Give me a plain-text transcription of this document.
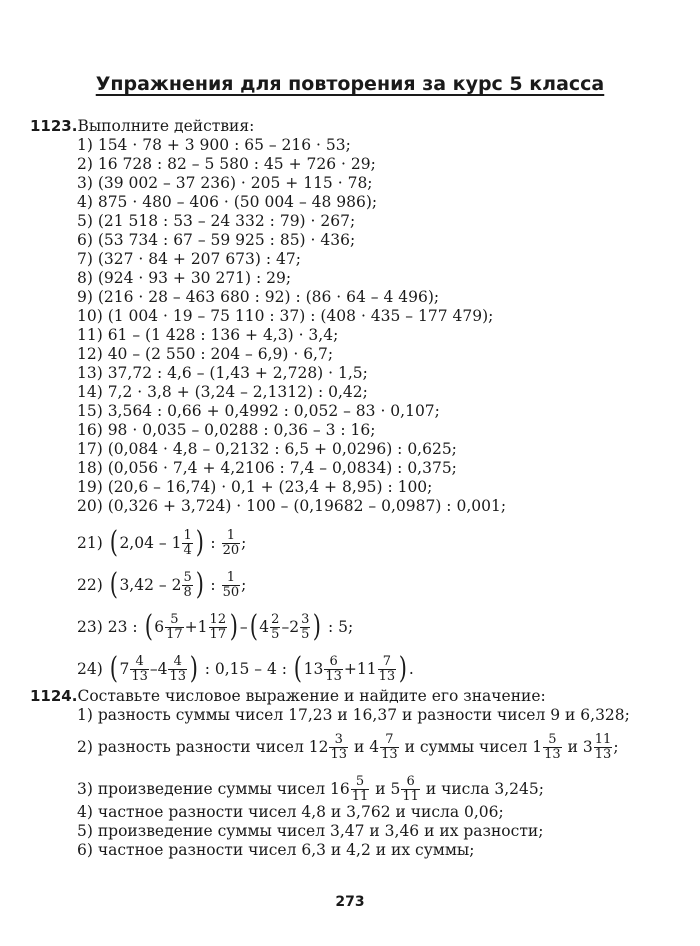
Упражнения для повторения за курс 5 класса
1123.Выполните действия:
1) 154 · 78 + 3 900 : 65 – 216 · 53;
2) 16 728 : 82 – 5 580 : 45 + 726 · 29;
3) (39 002 – 37 236) · 205 + 115 · 78;
4) 875 · 480 – 406 · (50 004 – 48 986);
5) (21 518 : 53 – 24 332 : 79) · 267;
6) (53 734 : 67 – 59 925 : 85) · 436;
7) (327 · 84 + 207 673) : 47;
8) (924 · 93 + 30 271) : 29;
9) (216 · 28 – 463 680 : 92) : (86 · 64 – 4 496);
10) (1 004 · 19 – 75 110 : 37) : (408 · 435 – 177 479);
11) 61 – (1 428 : 136 + 4,3) · 3,4;
12) 40 – (2 550 : 204 – 6,9) · 6,7;
13) 37,72 : 4,6 – (1,43 + 2,728) · 1,5;
14) 7,2 · 3,8 + (3,24 – 2,1312) : 0,42;
15) 3,564 : 0,66 + 0,4992 : 0,052 – 83 · 0,107;
16) 98 · 0,035 – 0,0288 : 0,36 – 3 : 16;
17) (0,084 · 4,8 – 0,2132 : 6,5 + 0,0296) : 0,625;
18) (0,056 · 7,4 + 4,2106 : 7,4 – 0,0834) : 0,375;
19) (20,6 – 16,74) · 0,1 + (23,4 + 8,95) : 100;
20) (0,326 + 3,724) · 100 – (0,19682 – 0,0987) : 0,001;
21)
( 2,04 –
1 1
4 )
:
1
20 ;
22)
( 3,42 –
2 5
8 )
:
1
50 ;
23)
23 :
( 6 5
17 + 1 12
17 ) – ( 4 2
5 – 2 3
5 )
: 5;
24)
( 7 4
13 – 4 4
13 )
: 0,15 – 4 :
( 13 6
13 + 11 7
13 ) .
1124.Составьте числовое выражение и найдите его значение:
1) разность суммы чисел 17,23 и 16,37 и разности чисел 9 и 6,328;
2) разность разности чисел
12 3
13
и
4 7
13
и суммы чисел
1 5
13
и
3 11
13 ;
3) произведение суммы чисел
16 5
11
и
5 6
11
и числа 3,245;
4) частное разности чисел 4,8 и 3,762 и числа 0,06;
5) произведение суммы чисел 3,47 и 3,46 и их разности;
6) частное разности чисел 6,3 и 4,2 и их суммы;
273
